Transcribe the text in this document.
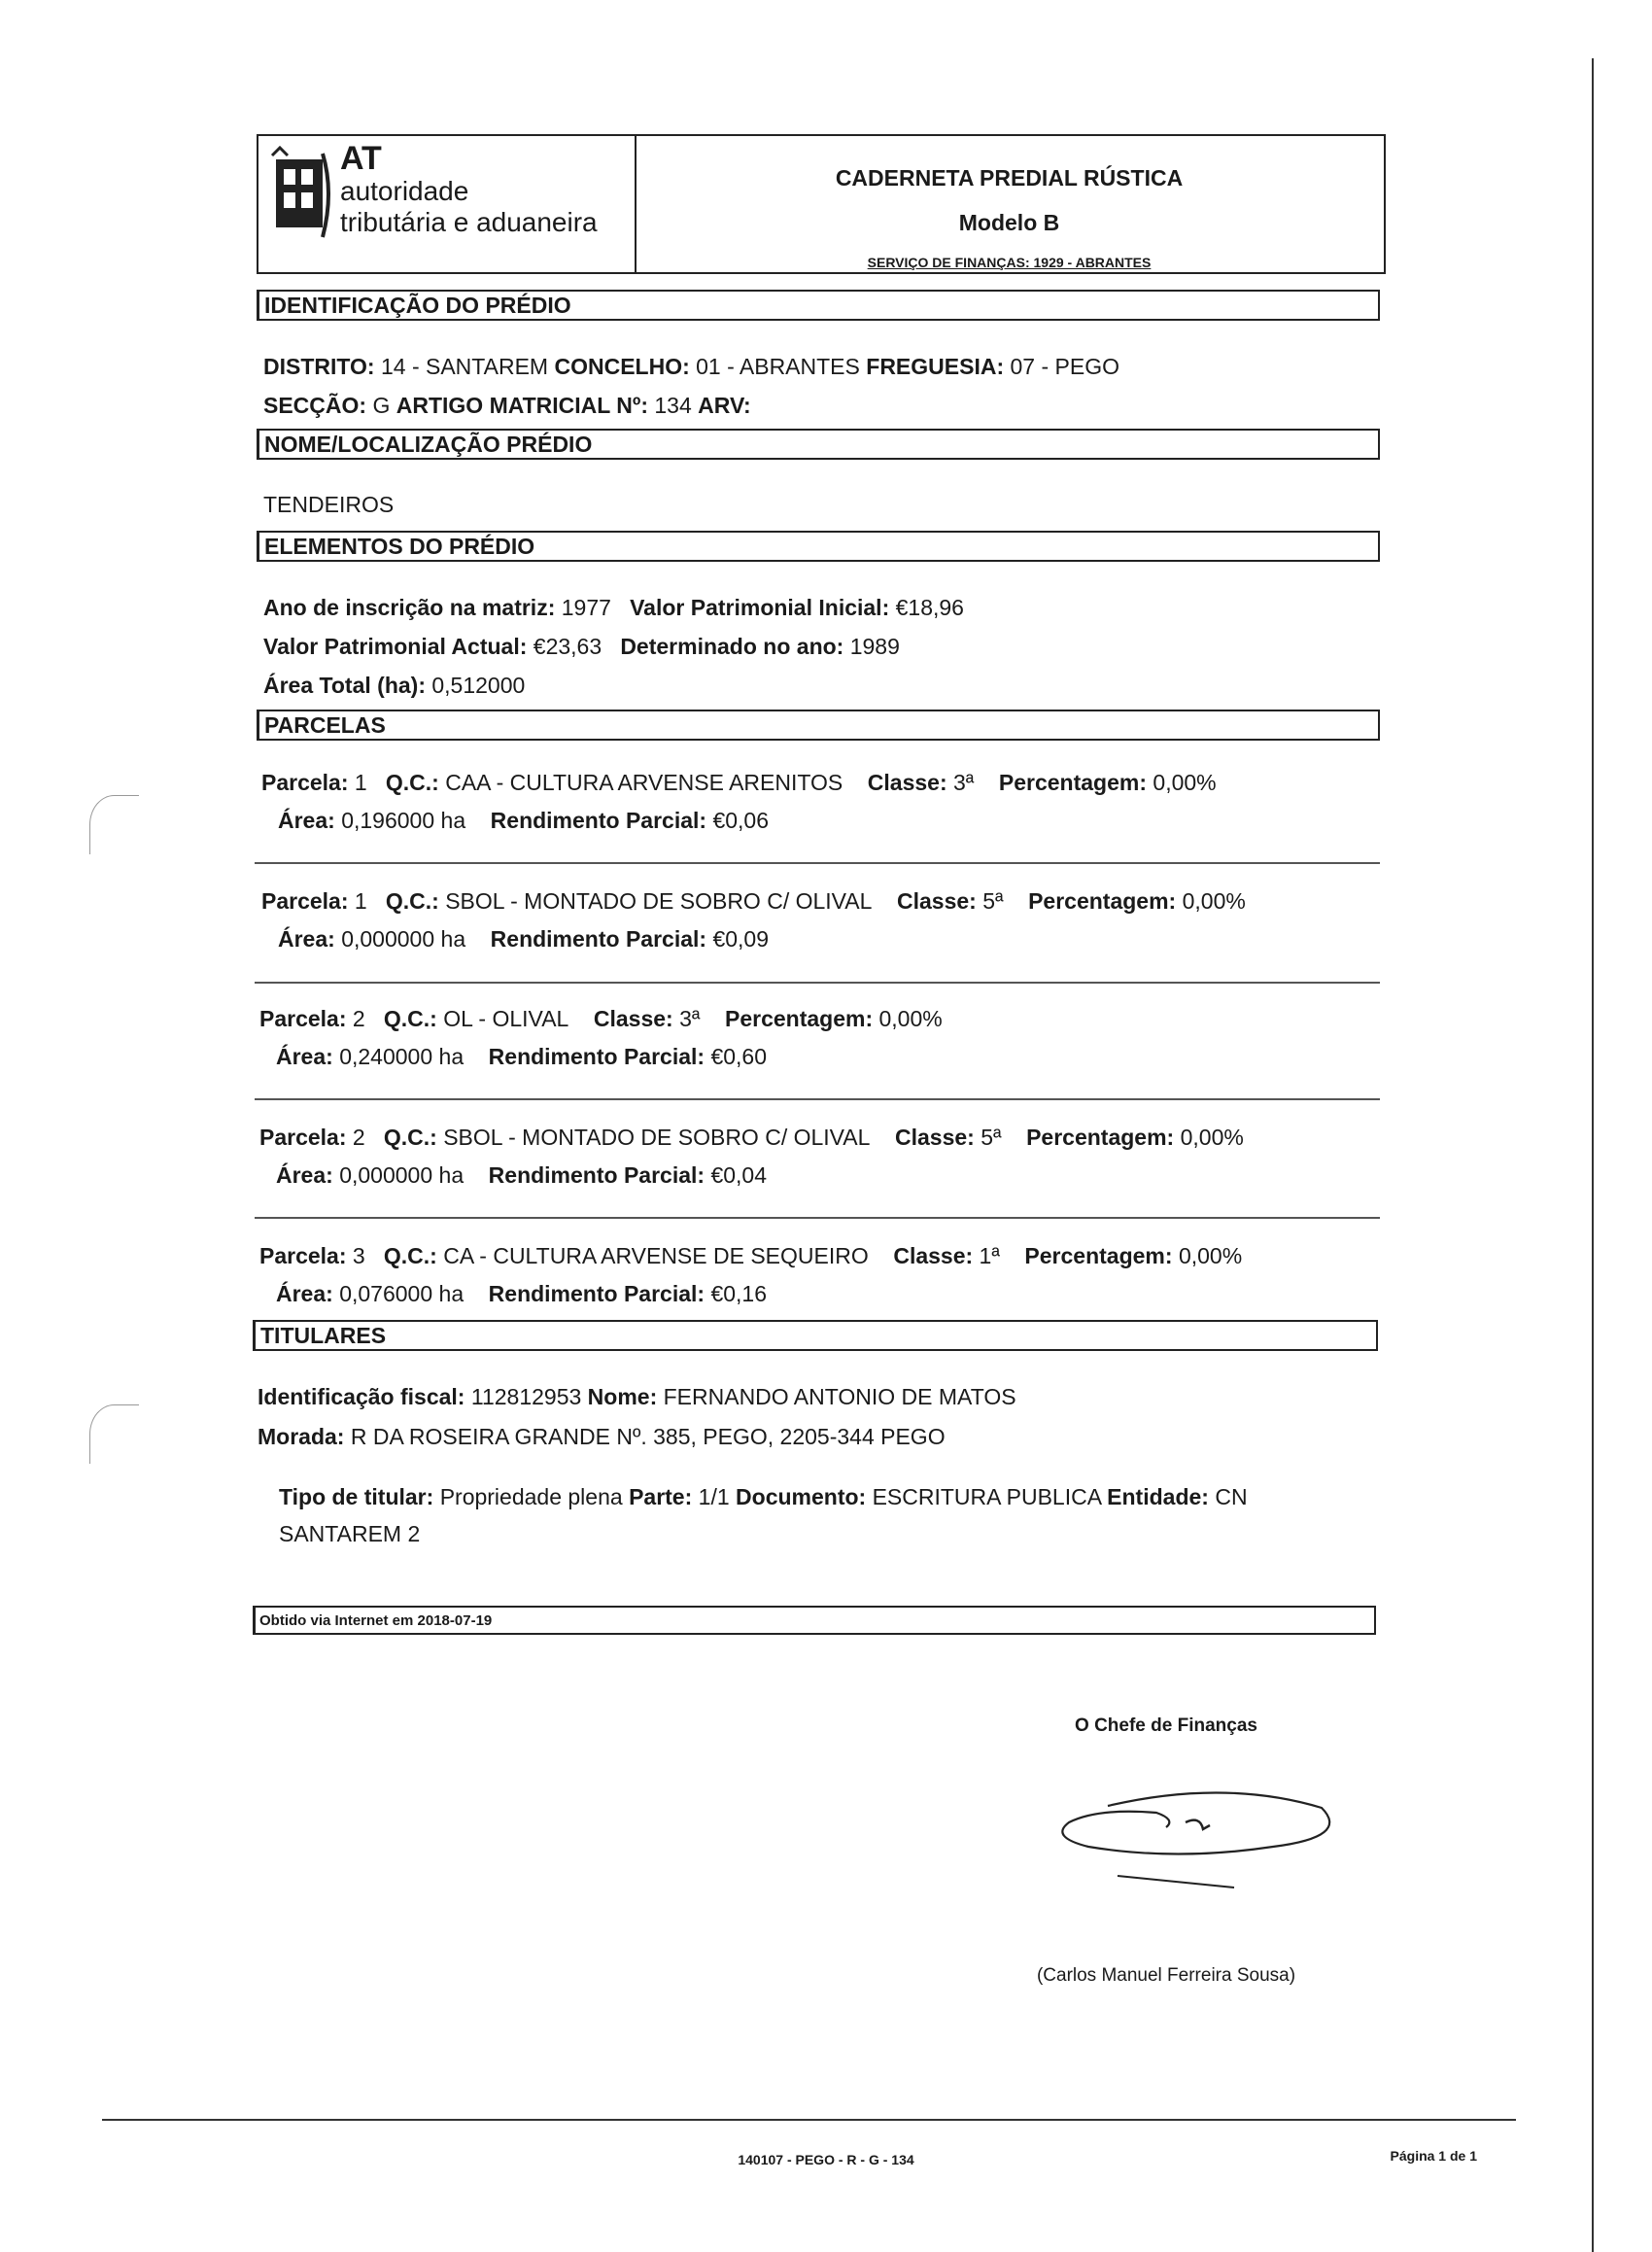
AT
autoridade
tributária e aduaneira
CADERNETA PREDIAL RÚSTICA
Modelo B
SERVIÇO DE FINANÇAS: 1929 - ABRANTES
IDENTIFICAÇÃO DO PRÉDIO
DISTRITO: 14 - SANTAREM CONCELHO: 01 - ABRANTES FREGUESIA: 07 - PEGO
SECÇÃO: G ARTIGO MATRICIAL Nº: 134 ARV:
NOME/LOCALIZAÇÃO PRÉDIO
TENDEIROS
ELEMENTOS DO PRÉDIO
Ano de inscrição na matriz: 1977 Valor Patrimonial Inicial: €18,96
Valor Patrimonial Actual: €23,63 Determinado no ano: 1989
Área Total (ha): 0,512000
PARCELAS
Parcela: 1 Q.C.: CAA - CULTURA ARVENSE ARENITOS Classe: 3ª Percentagem: 0,00%
Área: 0,196000 ha Rendimento Parcial: €0,06
Parcela: 1 Q.C.: SBOL - MONTADO DE SOBRO C/ OLIVAL Classe: 5ª Percentagem: 0,00%
Área: 0,000000 ha Rendimento Parcial: €0,09
Parcela: 2 Q.C.: OL - OLIVAL Classe: 3ª Percentagem: 0,00%
Área: 0,240000 ha Rendimento Parcial: €0,60
Parcela: 2 Q.C.: SBOL - MONTADO DE SOBRO C/ OLIVAL Classe: 5ª Percentagem: 0,00%
Área: 0,000000 ha Rendimento Parcial: €0,04
Parcela: 3 Q.C.: CA - CULTURA ARVENSE DE SEQUEIRO Classe: 1ª Percentagem: 0,00%
Área: 0,076000 ha Rendimento Parcial: €0,16
TITULARES
Identificação fiscal: 112812953 Nome: FERNANDO ANTONIO DE MATOS
Morada: R DA ROSEIRA GRANDE Nº. 385, PEGO, 2205-344 PEGO
Tipo de titular: Propriedade plena Parte: 1/1 Documento: ESCRITURA PUBLICA Entidade: CN
SANTAREM 2
Obtido via Internet em 2018-07-19
O Chefe de Finanças
(Carlos Manuel Ferreira Sousa)
140107 - PEGO - R - G - 134	Página 1 de 1
